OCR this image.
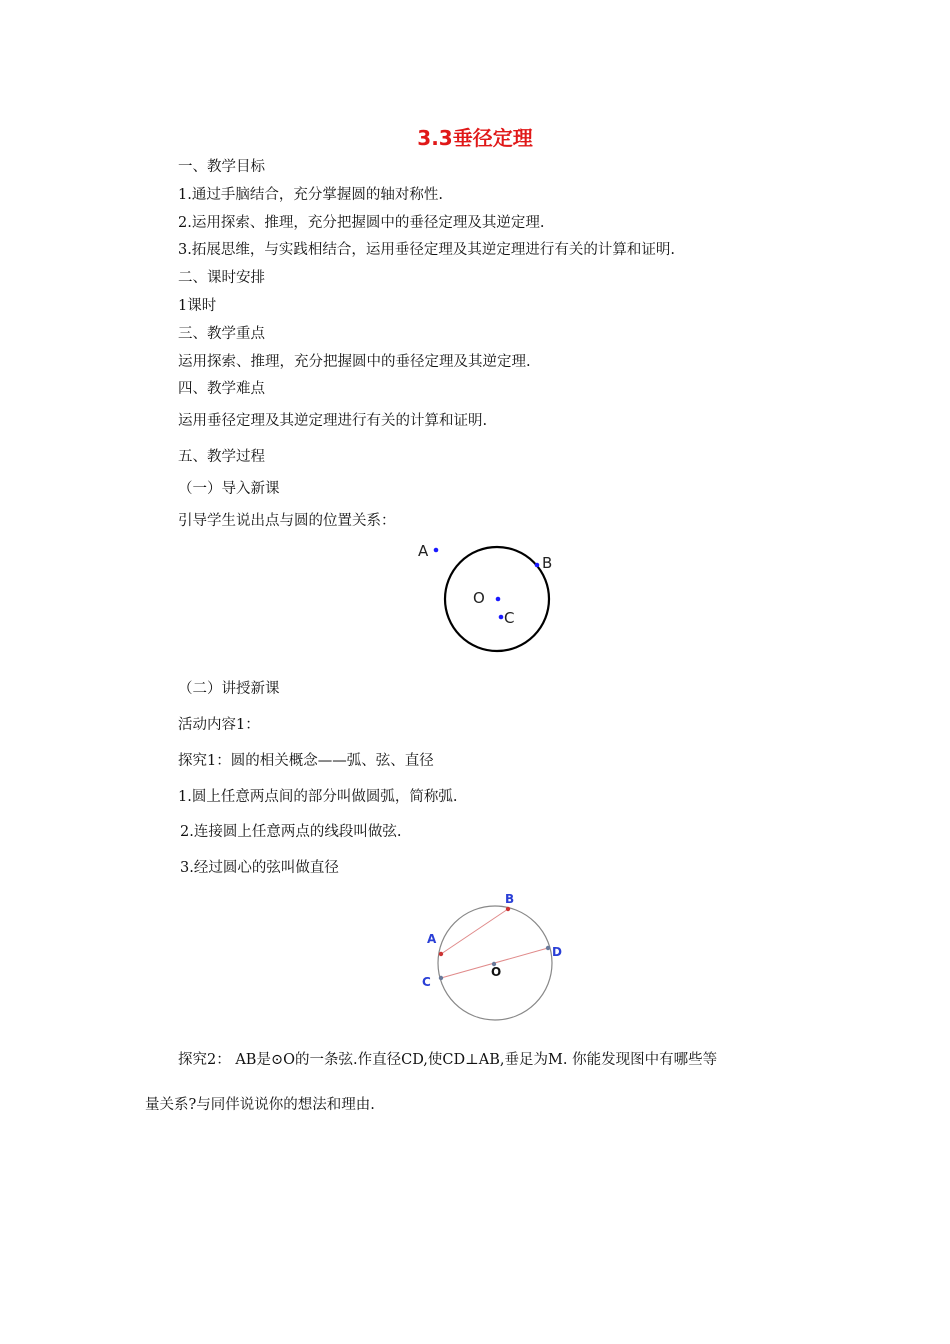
3.3垂径定理
一、教学目标
1.通过手脑结合，充分掌握圆的轴对称性.
2.运用探索、推理，充分把握圆中的垂径定理及其逆定理.
3.拓展思维，与实践相结合，运用垂径定理及其逆定理进行有关的计算和证明.
二、课时安排
1课时
三、教学重点
运用探索、推理，充分把握圆中的垂径定理及其逆定理.
四、教学难点
运用垂径定理及其逆定理进行有关的计算和证明.
五、教学过程
（一）导入新课
引导学生说出点与圆的位置关系：
A
B
O
C
（二）讲授新课
活动内容1：
探究1：圆的相关概念——弧、弦、直径
1.圆上任意两点间的部分叫做圆弧，简称弧.
2.连接圆上任意两点的线段叫做弦.
3.经过圆心的弦叫做直径
A
B
C
D
O
探究2： AB是⊙O的一条弦.作直径CD,使CD⊥AB,垂足为M. 你能发现图中有哪些等
量关系?与同伴说说你的想法和理由.
